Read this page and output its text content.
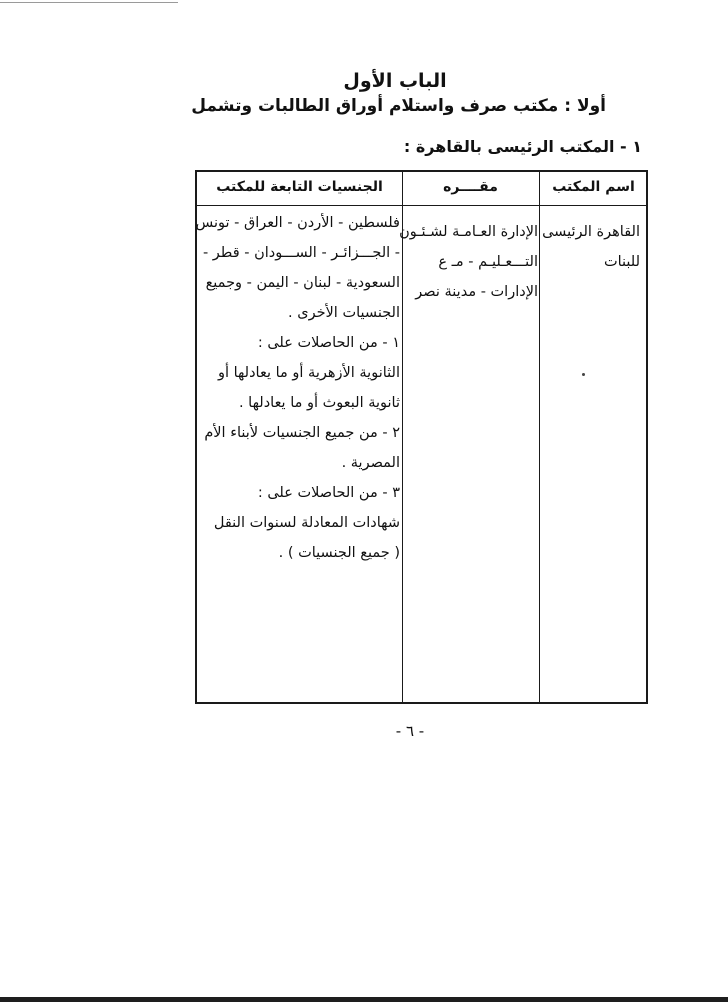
الباب الأول
أولا : مكتب صرف واستلام أوراق الطالبات وتشمل
١ - المكتب الرئيسى بالقاهرة :
اسم المكتب
مقــــره
الجنسيات التابعة للمكتب
القاهرة الرئيسى
للبنات
الإدارة العـامـة لشـئـون
التـــعـليـم - مـ ع
الإدارات - مدينة نصر
فلسطين - الأردن - العراق - تونس
- الجـــزائـر - الســـودان - قطر -
السعودية - لبنان - اليمن - وجميع
الجنسيات الأخرى .
١ - من الحاصلات على :
الثانوية الأزهرية أو ما يعادلها أو
ثانوية البعوث أو ما يعادلها .
٢ - من جميع الجنسيات لأبناء الأم
المصرية .
٣ - من الحاصلات على :
شهادات المعادلة لسنوات النقل
( جميع الجنسيات ) .
- ٦ -
